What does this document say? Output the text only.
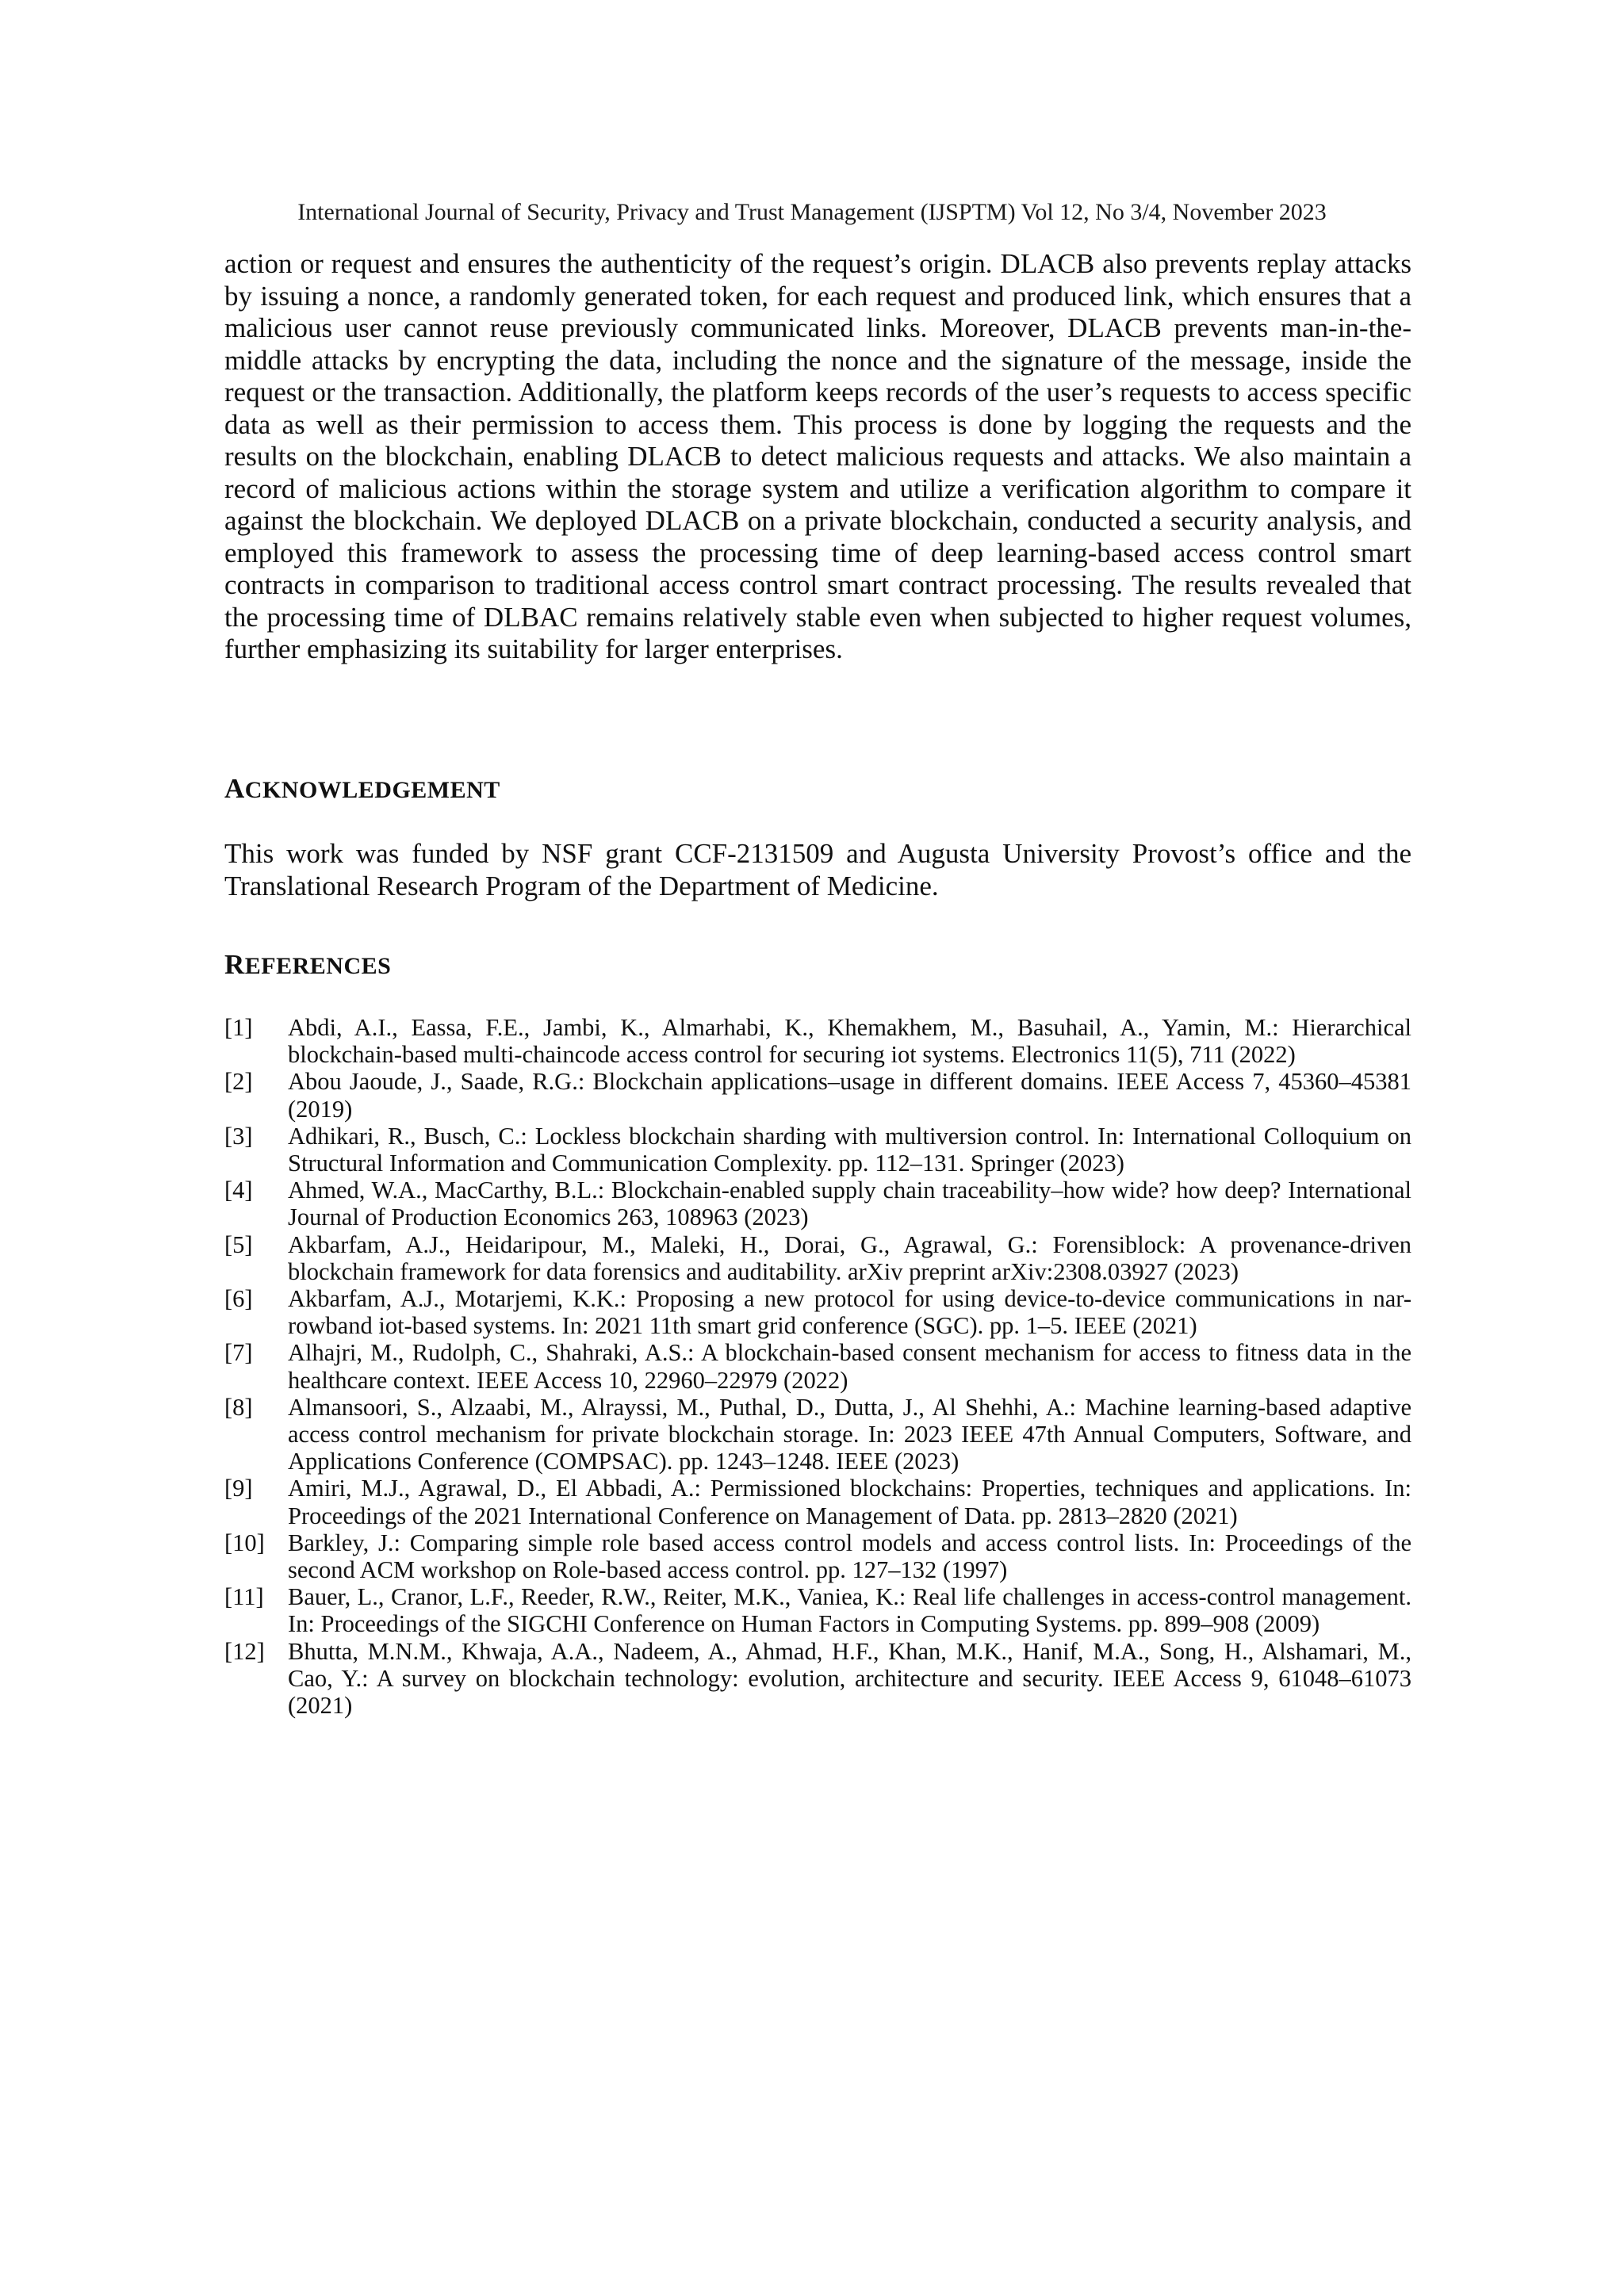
International Journal of Security, Privacy and Trust Management (IJSPTM) Vol 12, No 3/4, November 2023

action or request and ensures the authenticity of the request’s origin. DLACB also prevents replay attacks by issuing a nonce, a randomly generated token, for each request and produced link, which ensures that a malicious user cannot reuse previously communicated links. Moreover, DLACB prevents man-in-the-middle attacks by encrypting the data, including the nonce and the signature of the message, inside the request or the transaction. Additionally, the platform keeps records of the user’s requests to access specific data as well as their permission to access them. This process is done by logging the requests and the results on the blockchain, enabling DLACB to detect malicious requests and attacks. We also maintain a record of malicious actions within the storage system and utilize a verification algorithm to compare it against the blockchain. We deployed DLACB on a private blockchain, conducted a security analysis, and employed this framework to assess the processing time of deep learning-based access control smart contracts in comparison to traditional access control smart contract processing. The results revealed that the processing time of DLBAC remains relatively stable even when subjected to higher request volumes, further emphasizing its suitability for larger enterprises.

ACKNOWLEDGEMENT

This work was funded by NSF grant CCF-2131509 and Augusta University Provost’s office and the Translational Research Program of the Department of Medicine.

REFERENCES
[1] Abdi, A.I., Eassa, F.E., Jambi, K., Almarhabi, K., Khemakhem, M., Basuhail, A., Yamin, M.: Hierarchical blockchain-based multi-chaincode access control for securing iot systems. Electronics 11(5), 711 (2022)
[2] Abou Jaoude, J., Saade, R.G.: Blockchain applications–usage in different domains. IEEE Access 7, 45360–45381 (2019)
[3] Adhikari, R., Busch, C.: Lockless blockchain sharding with multiversion control. In: International Colloquium on Structural Information and Communication Complexity. pp. 112–131. Springer (2023)
[4] Ahmed, W.A., MacCarthy, B.L.: Blockchain-enabled supply chain traceability–how wide? how deep? International Journal of Production Economics 263, 108963 (2023)
[5] Akbarfam, A.J., Heidaripour, M., Maleki, H., Dorai, G., Agrawal, G.: Forensiblock: A provenance-driven blockchain framework for data forensics and auditability. arXiv preprint arXiv:2308.03927 (2023)
[6] Akbarfam, A.J., Motarjemi, K.K.: Proposing a new protocol for using device-to-device communications in nar- rowband iot-based systems. In: 2021 11th smart grid conference (SGC). pp. 1–5. IEEE (2021)
[7] Alhajri, M., Rudolph, C., Shahraki, A.S.: A blockchain-based consent mechanism for access to fitness data in the healthcare context. IEEE Access 10, 22960–22979 (2022)
[8] Almansoori, S., Alzaabi, M., Alrayssi, M., Puthal, D., Dutta, J., Al Shehhi, A.: Machine learning-based adaptive access control mechanism for private blockchain storage. In: 2023 IEEE 47th Annual Computers, Software, and Applications Conference (COMPSAC). pp. 1243–1248. IEEE (2023)
[9] Amiri, M.J., Agrawal, D., El Abbadi, A.: Permissioned blockchains: Properties, techniques and applications. In: Proceedings of the 2021 International Conference on Management of Data. pp. 2813–2820 (2021)
[10] Barkley, J.: Comparing simple role based access control models and access control lists. In: Proceedings of the second ACM workshop on Role-based access control. pp. 127–132 (1997)
[11] Bauer, L., Cranor, L.F., Reeder, R.W., Reiter, M.K., Vaniea, K.: Real life challenges in access-control management. In: Proceedings of the SIGCHI Conference on Human Factors in Computing Systems. pp. 899–908 (2009)
[12] Bhutta, M.N.M., Khwaja, A.A., Nadeem, A., Ahmad, H.F., Khan, M.K., Hanif, M.A., Song, H., Alshamari, M., Cao, Y.: A survey on blockchain technology: evolution, architecture and security. IEEE Access 9, 61048–61073 (2021)
